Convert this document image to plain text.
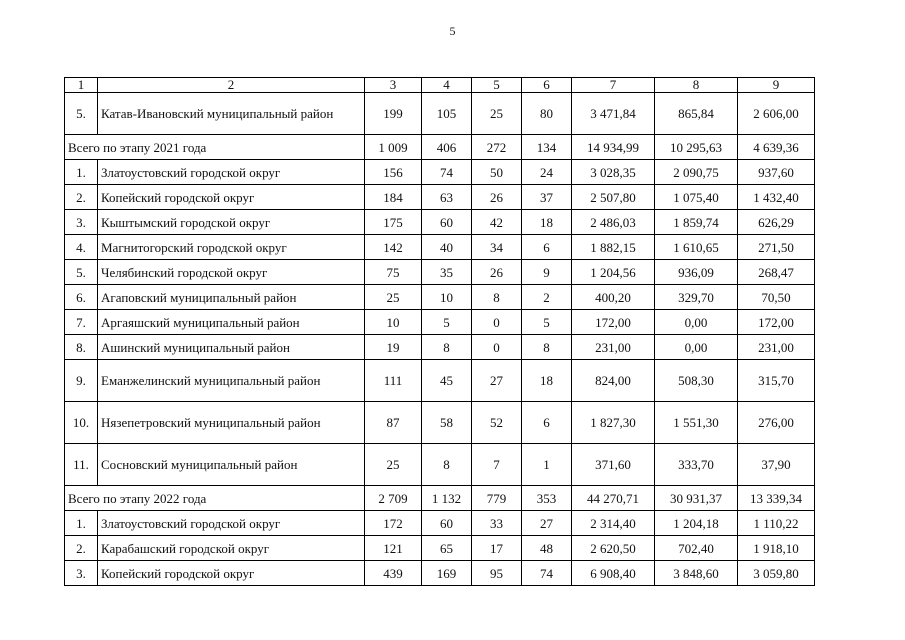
5
1	2	3	4	5	6	7	8	9
5.	Катав-Ивановский муниципальный район	199	105	25	80	3 471,84	865,84	2 606,00
Всего по этапу 2021 года		1 009	406	272	134	14 934,99	10 295,63	4 639,36
1.	Златоустовский городской округ	156	74	50	24	3 028,35	2 090,75	937,60
2.	Копейский городской округ	184	63	26	37	2 507,80	1 075,40	1 432,40
3.	Кыштымский городской округ	175	60	42	18	2 486,03	1 859,74	626,29
4.	Магнитогорский городской округ	142	40	34	6	1 882,15	1 610,65	271,50
5.	Челябинский городской округ	75	35	26	9	1 204,56	936,09	268,47
6.	Агаповский муниципальный район	25	10	8	2	400,20	329,70	70,50
7.	Аргаяшский муниципальный район	10	5	0	5	172,00	0,00	172,00
8.	Ашинский муниципальный район	19	8	0	8	231,00	0,00	231,00
9.	Еманжелинский муниципальный район	111	45	27	18	824,00	508,30	315,70
10.	Нязепетровский муниципальный район	87	58	52	6	1 827,30	1 551,30	276,00
11.	Сосновский муниципальный район	25	8	7	1	371,60	333,70	37,90
Всего по этапу 2022 года		2 709	1 132	779	353	44 270,71	30 931,37	13 339,34
1.	Златоустовский городской округ	172	60	33	27	2 314,40	1 204,18	1 110,22
2.	Карабашский городской округ	121	65	17	48	2 620,50	702,40	1 918,10
3.	Копейский городской округ	439	169	95	74	6 908,40	3 848,60	3 059,80
